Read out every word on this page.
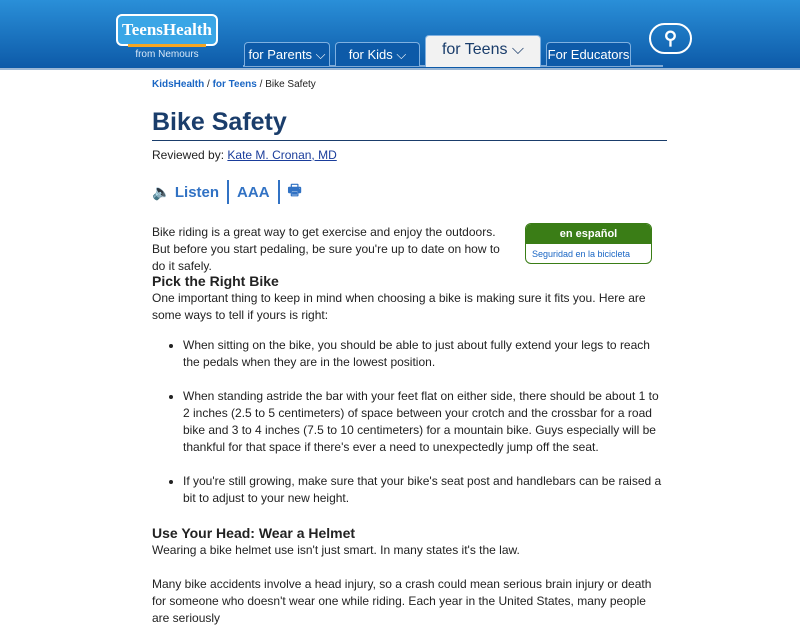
TeensHealth
from Nemours	for Parents ⌵	for Kids ⌵	for Teens ⌵	For Educators
⚲
KidsHealth / for Teens / Bike Safety
Bike Safety
Reviewed by: Kate M. Cronan, MD
🔈
Listen AAA 🖶

Bike riding is a great way to get exercise and enjoy the outdoors. But before you start pedaling, be sure you're up to date on how to do it safely.

en español
Seguridad en la bicicleta
Pick the Right Bike

One important thing to keep in mind when choosing a bike is making sure it fits you. Here are some ways to tell if yours is right:

• When sitting on the bike, you should be able to just about fully extend your legs to reach the pedals when they are in the lowest position.
• When standing astride the bar with your feet flat on either side, there should be about 1 to 2 inches (2.5 to 5 centimeters) of space between your crotch and the crossbar for a road bike and 3 to 4 inches (7.5 to 10 centimeters) for a mountain bike. Guys especially will be thankful for that space if there's ever a need to unexpectedly jump off the seat.
• If you're still growing, make sure that your bike's seat post and handlebars can be raised a bit to adjust to your new height.
Use Your Head: Wear a Helmet

Wearing a bike helmet use isn't just smart. In many states it's the law.

Many bike accidents involve a head injury, so a crash could mean serious brain injury or death for someone who doesn't wear one while riding. Each year in the United States, many people are seriously
